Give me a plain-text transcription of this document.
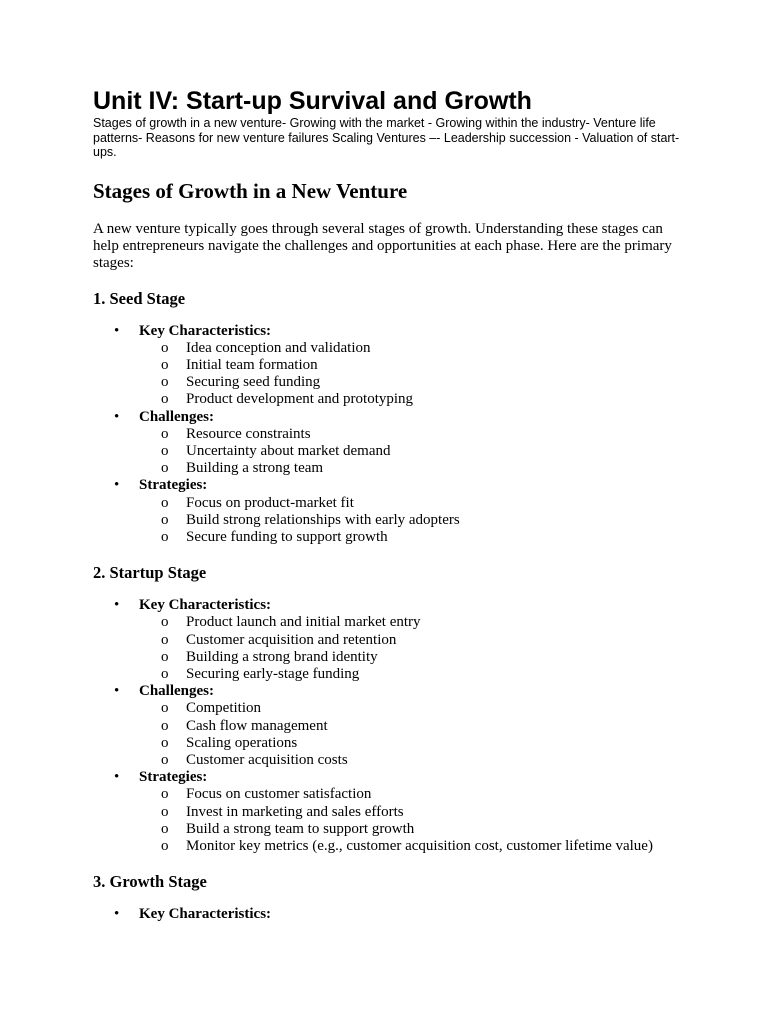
Unit IV: Start-up Survival and Growth

Stages of growth in a new venture- Growing with the market - Growing within the industry- Venture life patterns- Reasons for new venture failures Scaling Ventures –- Leadership succession - Valuation of start-ups.

Stages of Growth in a New Venture

A new venture typically goes through several stages of growth. Understanding these stages can help entrepreneurs navigate the challenges and opportunities at each phase. Here are the primary stages:

1. Seed Stage
•	Key Characteristics:
o Idea conception and validation
o Initial team formation
o Securing seed funding
o Product development and prototyping
•	Challenges:
o Resource constraints
o Uncertainty about market demand
o Building a strong team
•	Strategies:
o Focus on product-market fit
o Build strong relationships with early adopters
o Secure funding to support growth
2. Startup Stage
•	Key Characteristics:
o Product launch and initial market entry
o Customer acquisition and retention
o Building a strong brand identity
o Securing early-stage funding
•	Challenges:
o Competition
o Cash flow management
o Scaling operations
o Customer acquisition costs
•	Strategies:
o Focus on customer satisfaction
o Invest in marketing and sales efforts
o Build a strong team to support growth
o Monitor key metrics (e.g., customer acquisition cost, customer lifetime value)
3. Growth Stage
•	Key Characteristics:
